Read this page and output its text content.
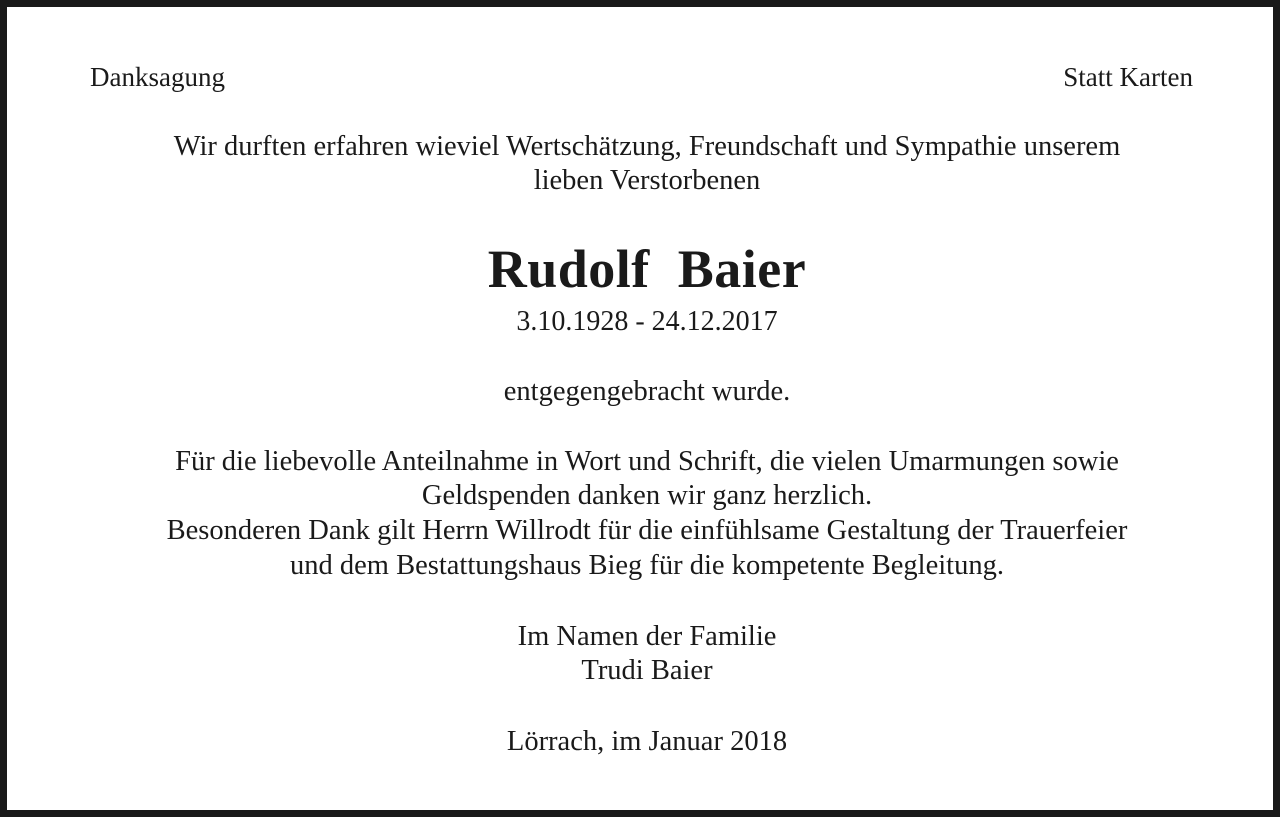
Danksagung	Statt Karten
Wir durften erfahren wieviel Wertschätzung, Freundschaft und Sympathie unserem
lieben Verstorbenen
Rudolf Baier
3.10.1928 - 24.12.2017
entgegengebracht wurde.
Für die liebevolle Anteilnahme in Wort und Schrift, die vielen Umarmungen sowie
Geldspenden danken wir ganz herzlich.
Besonderen Dank gilt Herrn Willrodt für die einfühlsame Gestaltung der Trauerfeier
und dem Bestattungshaus Bieg für die kompetente Begleitung.
Im Namen der Familie
Trudi Baier
Lörrach, im Januar 2018
